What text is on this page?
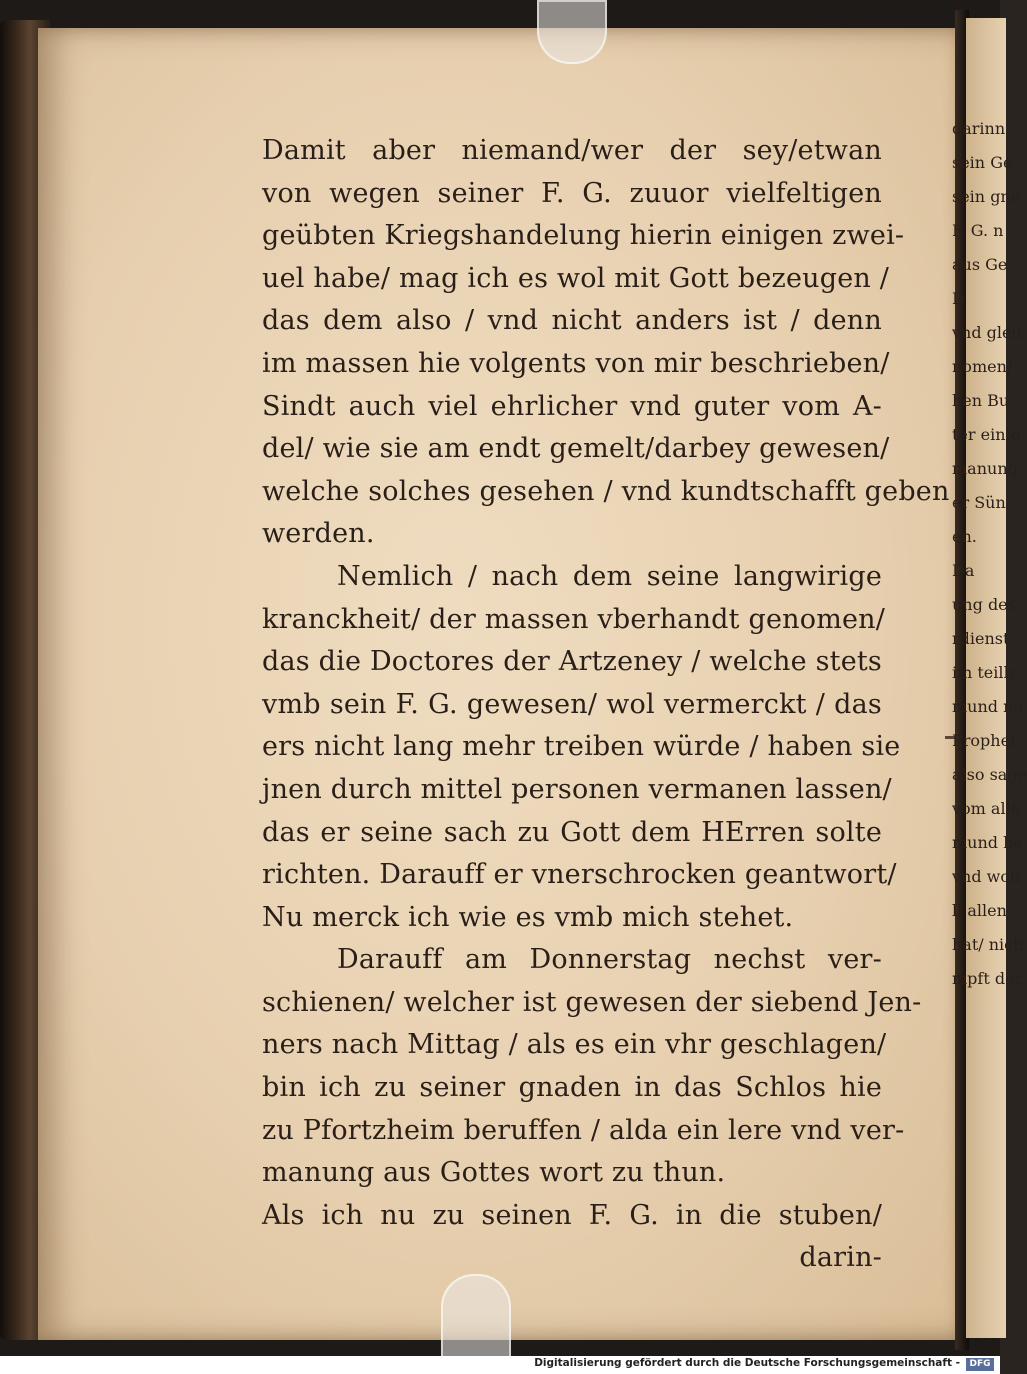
Damit aber niemand/wer der sey/etwan
von wegen seiner F. G. zuuor vielfeltigen
geübten Kriegshandelung hierin einigen zwei-
uel habe/ mag ich es wol mit Gott bezeugen /
das dem also / vnd nicht anders ist / denn
im massen hie volgents von mir beschrieben/
Sindt auch viel ehrlicher vnd guter vom A-
del/ wie sie am endt gemelt/darbey gewesen/
welche solches gesehen / vnd kundtschafft geben
werden.
Nemlich / nach dem seine langwirige
kranckheit/ der massen vberhandt genomen/
das die Doctores der Artzeney / welche stets
vmb sein F. G. gewesen/ wol vermerckt / das
ers nicht lang mehr treiben würde / haben sie
jnen durch mittel personen vermanen lassen/
das er seine sach zu Gott dem HErren solte
richten. Darauff er vnerschrocken geantwort/
Nu merck ich wie es vmb mich stehet.
Darauff am Donnerstag nechst ver-
schienen/ welcher ist gewesen der siebend Jen-
ners nach Mittag / als es ein vhr geschlagen/
bin ich zu seiner gnaden in das Schlos hie
zu Pfortzheim beruffen / alda ein lere vnd ver-
manung aus Gottes wort zu thun.
Als ich nu zu seinen F. G. in die stuben/
darin-
darinn
sein Ge
sein gne
F. G. n
aus Ge
D
vnd gleu
nomen/
hen Bu
ter einig
manung
er Sün
en.
Da
ung des
rdienst
im teilh
mund nu
Prophet
also sage
vom alle
mund he
vnd woll
ll allen
hat/ nich
mpft der
Digitalisierung gefördert durch die Deutsche Forschungsgemeinschaft -	DFG
